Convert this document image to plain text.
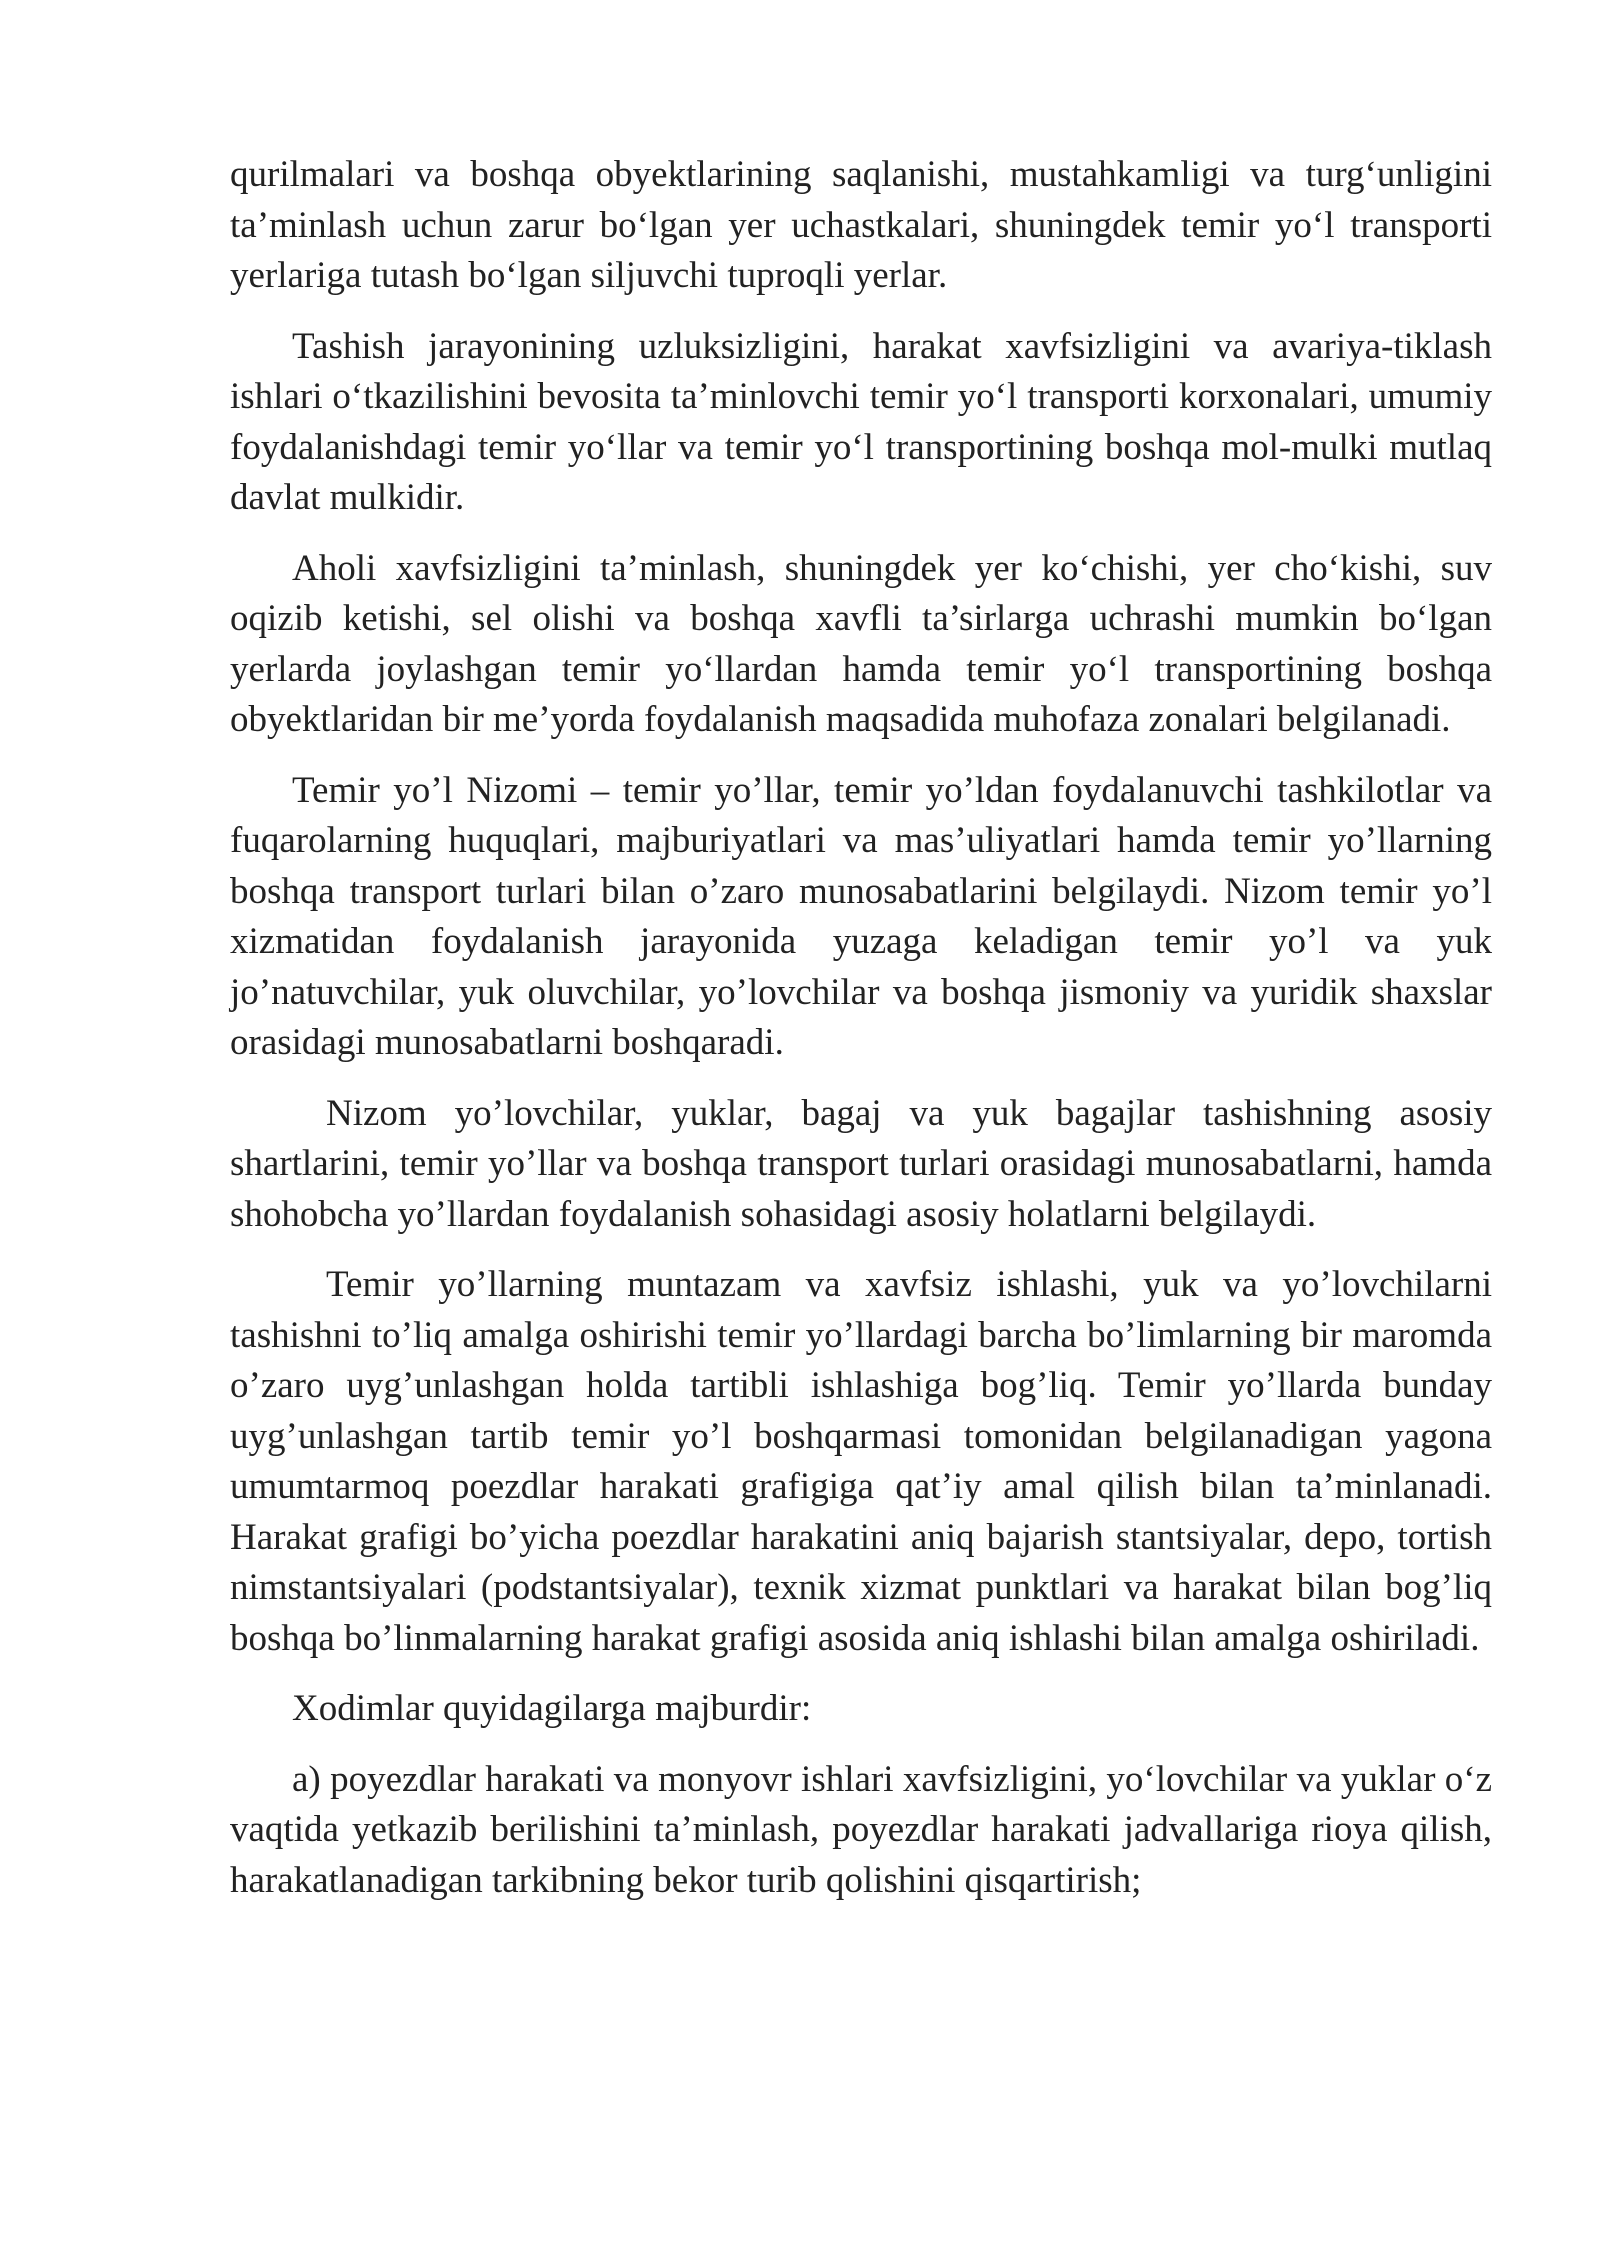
qurilmalari va boshqa obyektlarining saqlanishi, mustahkamligi va turg‘unligini ta’minlash uchun zarur bo‘lgan yer uchastkalari, shuningdek temir yo‘l transporti yerlariga tutash bo‘lgan siljuvchi tuproqli yerlar.

Tashish jarayonining uzluksizligini, harakat xavfsizligini va avariya-tiklash ishlari o‘tkazilishini bevosita ta’minlovchi temir yo‘l transporti korxonalari, umumiy foydalanishdagi temir yo‘llar va temir yo‘l transportining boshqa mol-mulki mutlaq davlat mulkidir.

Aholi xavfsizligini ta’minlash, shuningdek yer ko‘chishi, yer cho‘kishi, suv oqizib ketishi, sel olishi va boshqa xavfli ta’sirlarga uchrashi mumkin bo‘lgan yerlarda joylashgan temir yo‘llardan hamda temir yo‘l transportining boshqa obyektlaridan bir me’yorda foydalanish maqsadida muhofaza zonalari belgilanadi.

Temir yo’l Nizomi – temir yo’llar, temir yo’ldan foydalanuvchi tashkilotlar va fuqarolarning huquqlari, majburiyatlari va mas’uliyatlari hamda temir yo’llarning boshqa transport turlari bilan o’zaro munosabatlarini belgilaydi. Nizom temir yo’l xizmatidan foydalanish jarayonida yuzaga keladigan temir yo’l va yuk jo’natuvchilar, yuk oluvchilar, yo’lovchilar va boshqa jismoniy va yuridik shaxslar orasidagi munosabatlarni boshqaradi.

Nizom yo’lovchilar, yuklar, bagaj va yuk bagajlar tashishning asosiy shartlarini, temir yo’llar va boshqa transport turlari orasidagi munosabatlarni, hamda shohobcha yo’llardan foydalanish sohasidagi asosiy holatlarni belgilaydi.

Temir yo’llarning muntazam va xavfsiz ishlashi, yuk va yo’lovchilarni tashishni to’liq amalga oshirishi temir yo’llardagi barcha bo’limlarning bir maromda o’zaro uyg’unlashgan holda tartibli ishlashiga bog’liq. Temir yo’llarda bunday uyg’unlashgan tartib temir yo’l boshqarmasi tomonidan belgilanadigan yagona umumtarmoq poezdlar harakati grafigiga qat’iy amal qilish bilan ta’minlanadi. Harakat grafigi bo’yicha poezdlar harakatini aniq bajarish stantsiyalar, depo, tortish nimstantsiyalari (podstantsiyalar), texnik xizmat punktlari va harakat bilan bog’liq boshqa bo’linmalarning harakat grafigi asosida aniq ishlashi bilan amalga oshiriladi.

Xodimlar quyidagilarga majburdir:

a) poyezdlar harakati va monyovr ishlari xavfsizligini, yo‘lovchilar va yuklar o‘z vaqtida yetkazib berilishini ta’minlash, poyezdlar harakati jadvallariga rioya qilish, harakatlanadigan tarkibning bekor turib qolishini qisqartirish;
